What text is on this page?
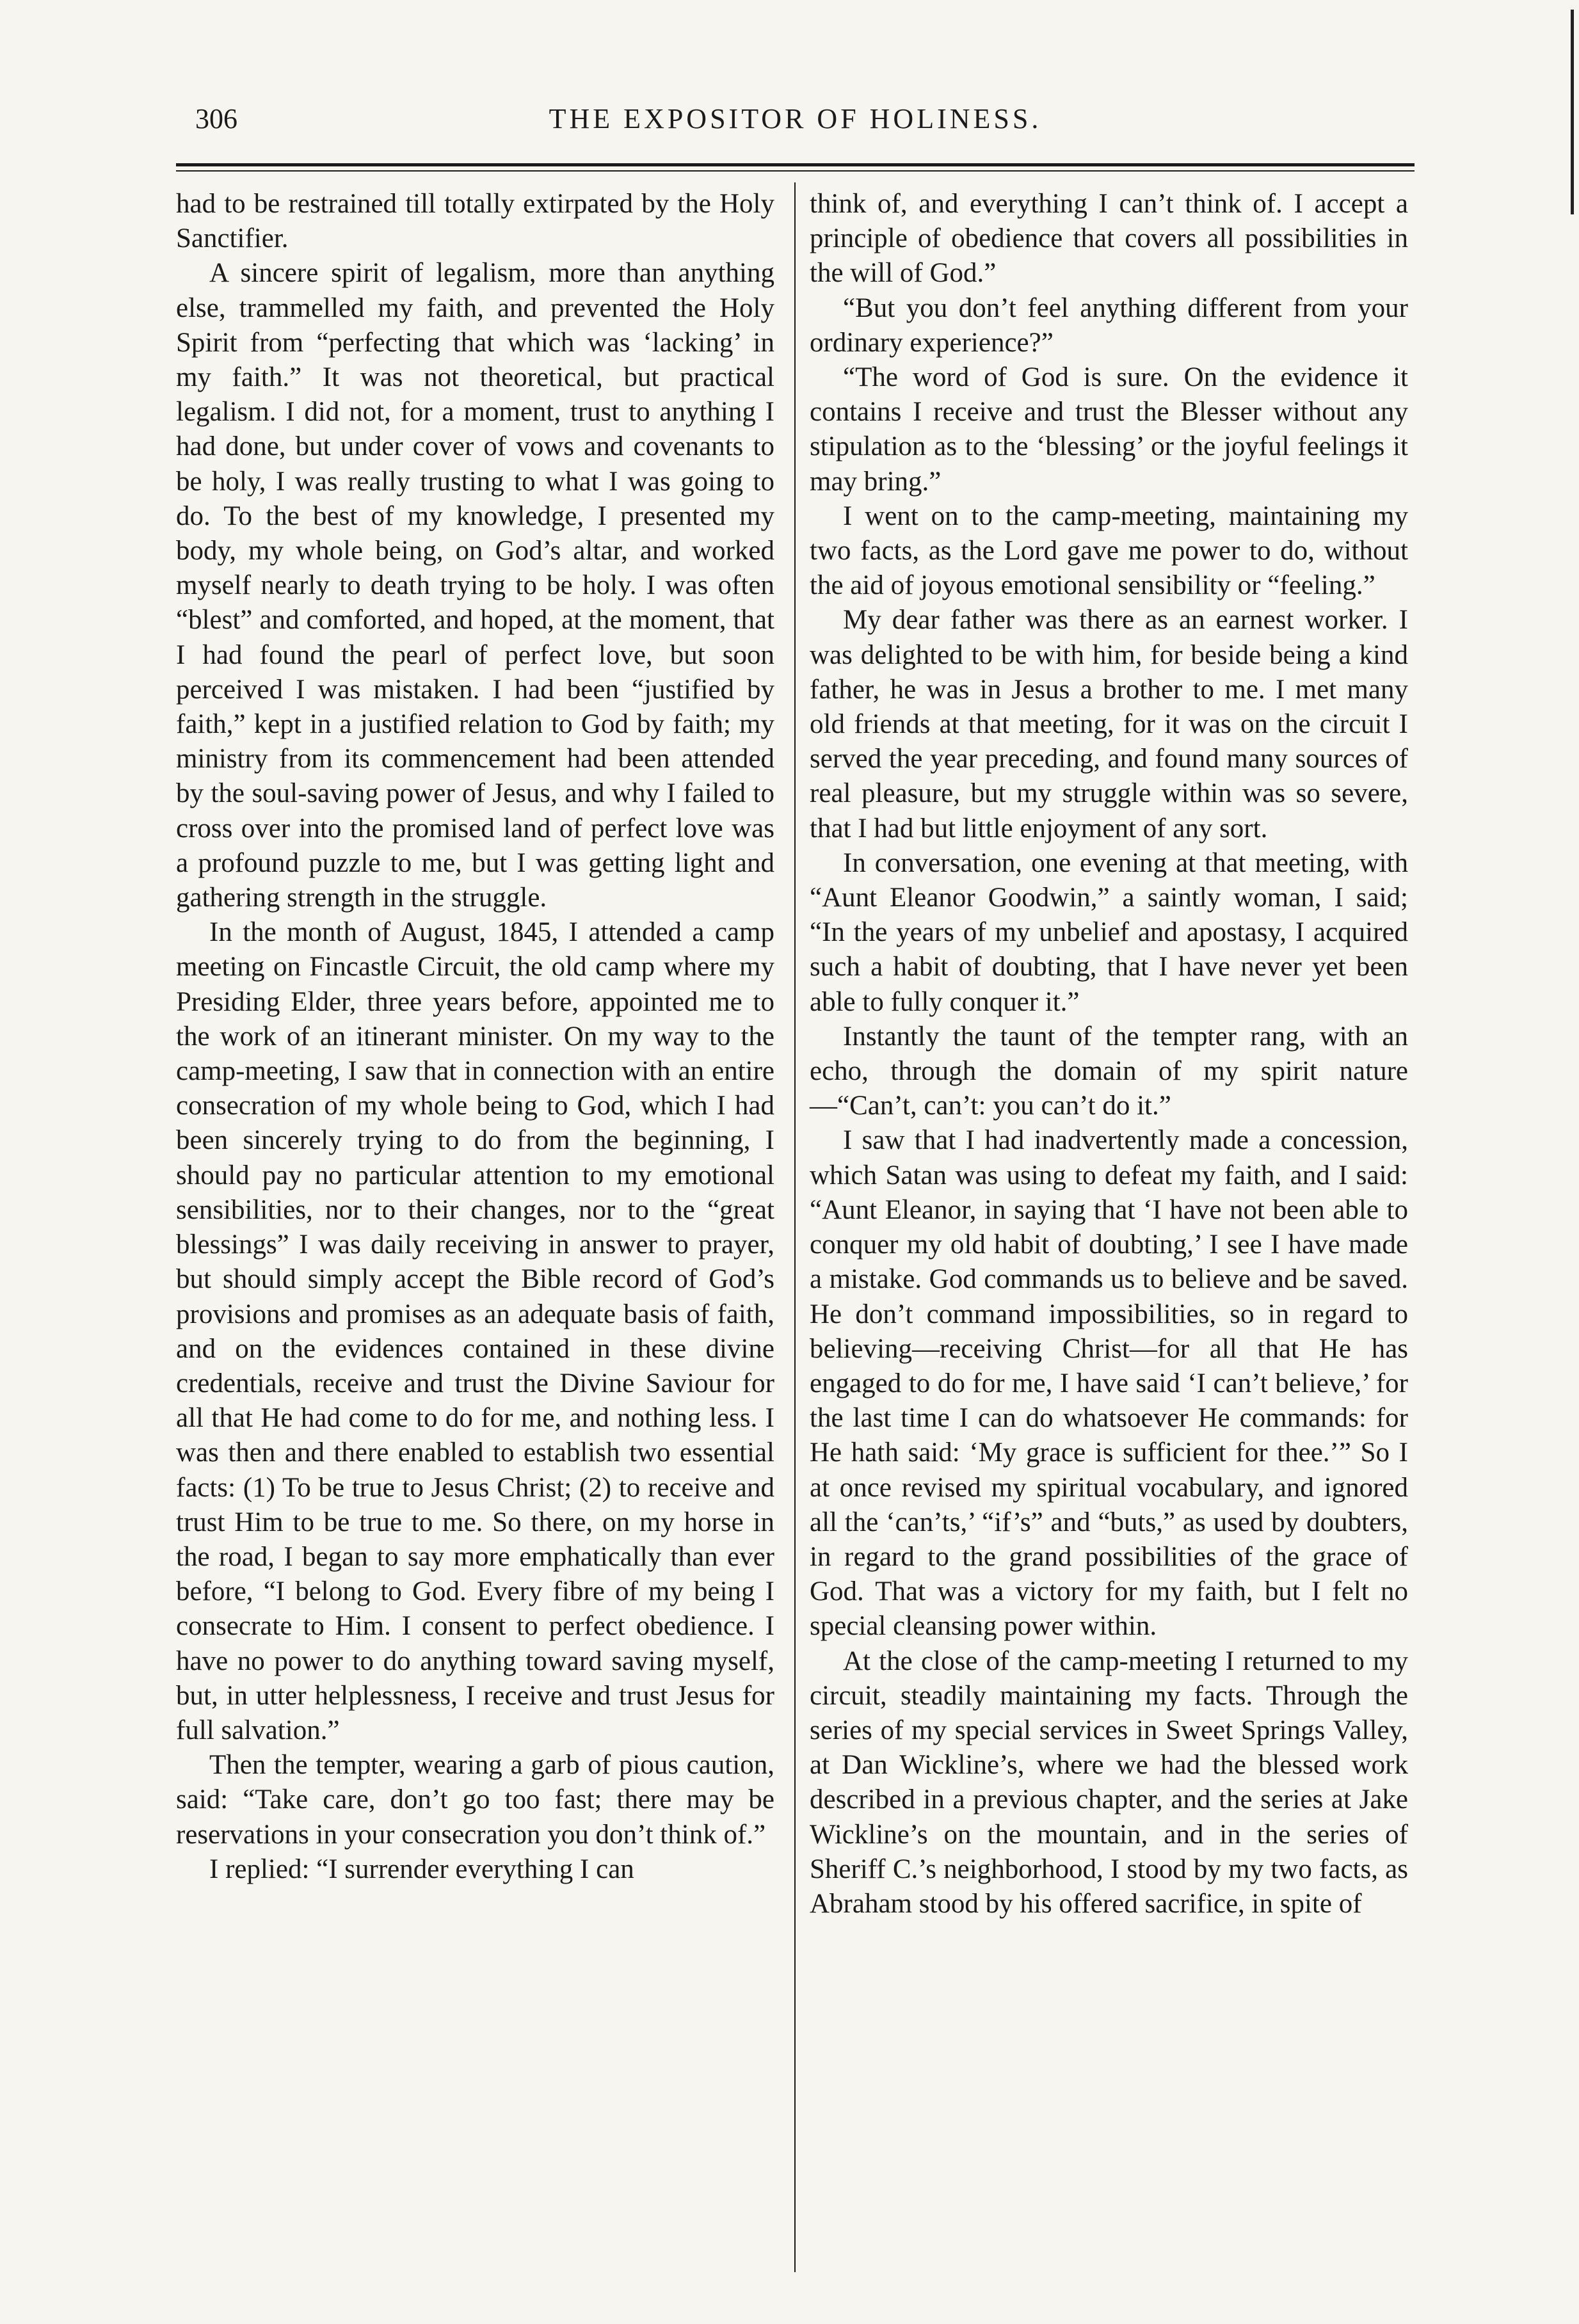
306	THE EXPOSITOR OF HOLINESS.

had to be restrained till totally extirpated by the Holy Sanctifier.

A sincere spirit of legalism, more than anything else, trammelled my faith, and prevented the Holy Spirit from “perfecting that which was ‘lacking’ in my faith.” It was not theoretical, but practical legalism. I did not, for a moment, trust to anything I had done, but under cover of vows and covenants to be holy, I was really trusting to what I was going to do. To the best of my knowledge, I presented my body, my whole being, on God’s altar, and worked myself nearly to death trying to be holy. I was often “blest” and comforted, and hoped, at the moment, that I had found the pearl of perfect love, but soon perceived I was mistaken. I had been “justified by faith,” kept in a justified relation to God by faith; my ministry from its commencement had been attended by the soul-saving power of Jesus, and why I failed to cross over into the promised land of perfect love was a profound puzzle to me, but I was getting light and gathering strength in the struggle.

In the month of August, 1845, I attended a camp meeting on Fincastle Circuit, the old camp where my Presiding Elder, three years before, appointed me to the work of an itinerant minister. On my way to the camp-meeting, I saw that in connection with an entire consecration of my whole being to God, which I had been sincerely trying to do from the beginning, I should pay no particular attention to my emotional sensibilities, nor to their changes, nor to the “great blessings” I was daily receiving in answer to prayer, but should simply accept the Bible record of God’s provisions and promises as an adequate basis of faith, and on the evidences contained in these divine credentials, receive and trust the Divine Saviour for all that He had come to do for me, and nothing less. I was then and there enabled to establish two essential facts: (1) To be true to Jesus Christ; (2) to receive and trust Him to be true to me. So there, on my horse in the road, I began to say more emphatically than ever before, “I belong to God. Every fibre of my being I consecrate to Him. I consent to perfect obedience. I have no power to do anything toward saving myself, but, in utter helplessness, I receive and trust Jesus for full salvation.”

Then the tempter, wearing a garb of pious caution, said: “Take care, don’t go too fast; there may be reservations in your consecration you don’t think of.”

I replied: “I surrender everything I can

think of, and everything I can’t think of. I accept a principle of obedience that covers all possibilities in the will of God.”

“But you don’t feel anything different from your ordinary experience?”

“The word of God is sure. On the evidence it contains I receive and trust the Blesser without any stipulation as to the ‘blessing’ or the joyful feelings it may bring.”

I went on to the camp-meeting, maintaining my two facts, as the Lord gave me power to do, without the aid of joyous emotional sensibility or “feeling.”

My dear father was there as an earnest worker. I was delighted to be with him, for beside being a kind father, he was in Jesus a brother to me. I met many old friends at that meeting, for it was on the circuit I served the year preceding, and found many sources of real pleasure, but my struggle within was so severe, that I had but little enjoyment of any sort.

In conversation, one evening at that meeting, with “Aunt Eleanor Goodwin,” a saintly woman, I said; “In the years of my unbelief and apostasy, I acquired such a habit of doubting, that I have never yet been able to fully conquer it.”

Instantly the taunt of the tempter rang, with an echo, through the domain of my spirit nature—“Can’t, can’t: you can’t do it.”

I saw that I had inadvertently made a concession, which Satan was using to defeat my faith, and I said: “Aunt Eleanor, in saying that ‘I have not been able to conquer my old habit of doubting,’ I see I have made a mistake. God commands us to believe and be saved. He don’t command impossibilities, so in regard to believing—receiving Christ—for all that He has engaged to do for me, I have said ‘I can’t believe,’ for the last time I can do whatsoever He commands: for He hath said: ‘My grace is sufficient for thee.’” So I at once revised my spiritual vocabulary, and ignored all the ‘can’ts,’ “if’s” and “buts,” as used by doubters, in regard to the grand possibilities of the grace of God. That was a victory for my faith, but I felt no special cleansing power within.

At the close of the camp-meeting I returned to my circuit, steadily maintaining my facts. Through the series of my special services in Sweet Springs Valley, at Dan Wickline’s, where we had the blessed work described in a previous chapter, and the series at Jake Wickline’s on the mountain, and in the series of Sheriff C.’s neighborhood, I stood by my two facts, as Abraham stood by his offered sacrifice, in spite of
